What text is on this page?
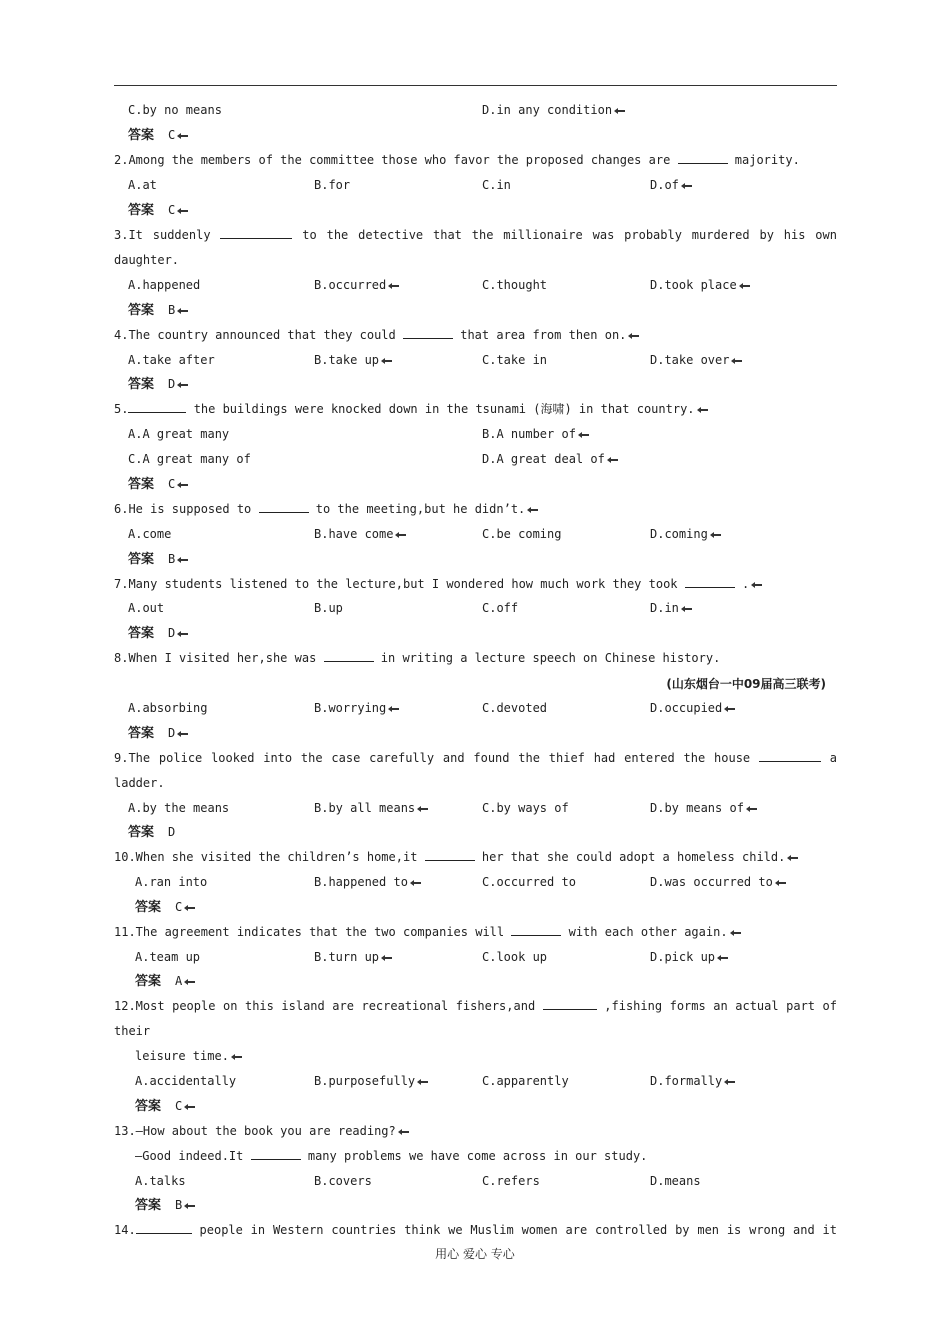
C.by no means	D.in any condition
答案 C
2.Among the members of the committee those who favor the proposed changes are	majority.
A.at	B.for	C.in	D.of
答案 C
3.It suddenly	to the detective that the millionaire was probably murdered by his own
daughter.
A.happened	B.occurred	C.thought	D.took place
答案 B
4.The country announced that they could	that area from then on.
A.take after	B.take up	C.take in	D.take over
答案 D
5.	the buildings were knocked down in the tsunami (海啸) in that country.
A.A great many	B.A number of
C.A great many of	D.A great deal of
答案 C
6.He is supposed to	to the meeting,but he didn’t.
A.come	B.have come	C.be coming	D.coming
答案 B
7.Many students listened to the lecture,but I wondered how much work they took	.
A.out	B.up	C.off	D.in
答案 D
8.When I visited her,she was	in writing a lecture speech on Chinese history.
(山东烟台一中09届高三联考)
A.absorbing	B.worrying	C.devoted	D.occupied
答案 D
9.The police looked into the case carefully and found the thief had entered the house	a
ladder.
A.by the means	B.by all means	C.by ways of	D.by means of
答案 D
10.When she visited the children’s home,it	her that she could adopt a homeless child.
A.ran into	B.happened to	C.occurred to	D.was occurred to
答案 C
11.The agreement indicates that the two companies will	with each other again.
A.team up	B.turn up	C.look up	D.pick up
答案 A
12.Most people on this island are recreational fishers,and	,fishing forms an actual part of
their
leisure time.
A.accidentally	B.purposefully	C.apparently	D.formally
答案 C
13.—How about the book you are reading?
—Good indeed.It	many problems we have come across in our study.
A.talks	B.covers	C.refers	D.means
答案 B
14.	people in Western countries think we Muslim women are controlled by men is wrong and it
用心 爱心 专心
